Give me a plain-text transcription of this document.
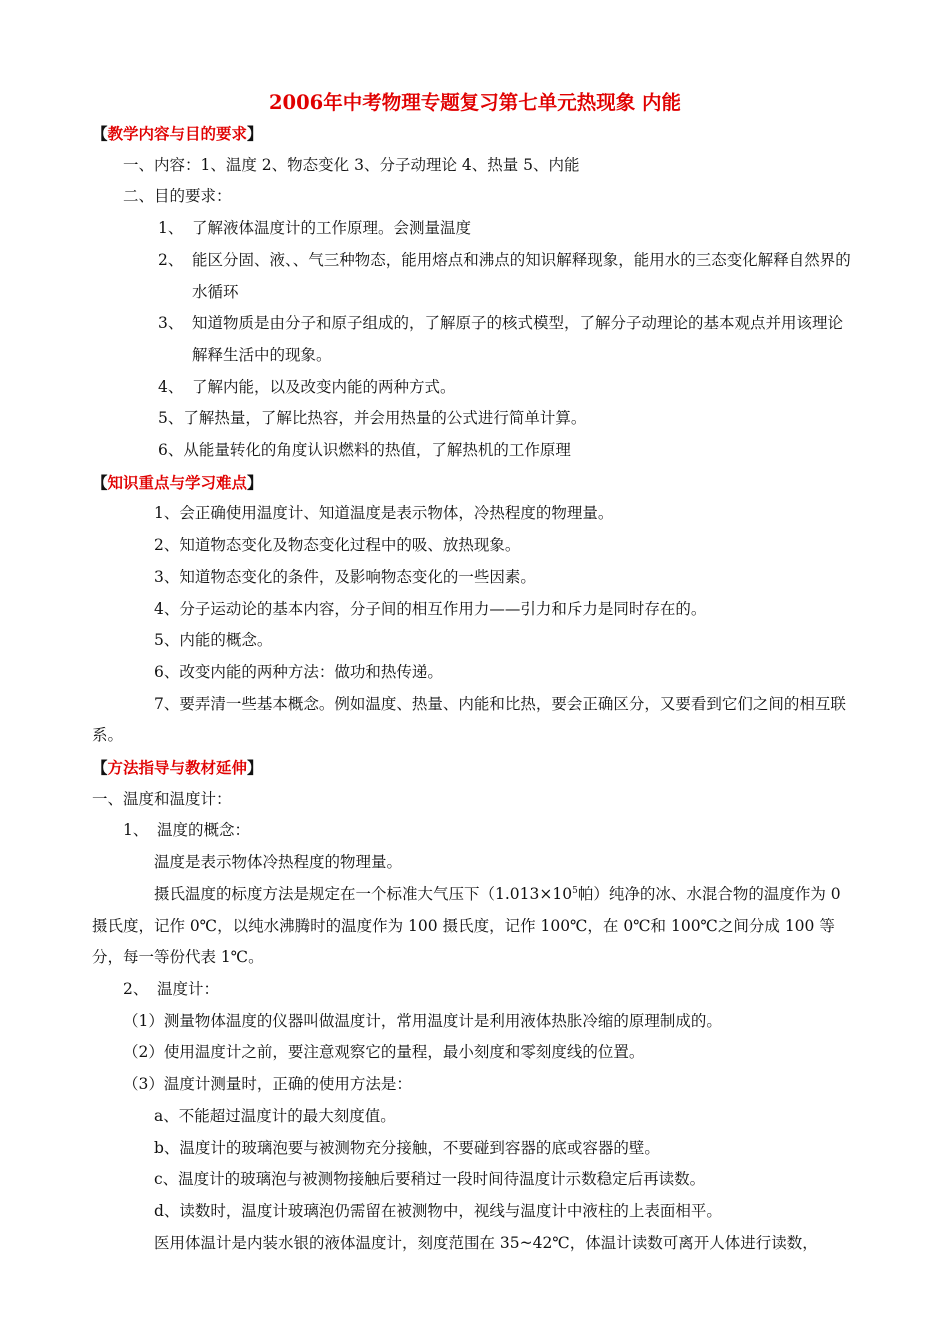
2006年中考物理专题复习第七单元热现象 内能

【教学内容与目的要求】

一、内容：1、温度 2、物态变化 3、分子动理论 4、热量 5、内能

二、目的要求：

1、 了解液体温度计的工作原理。会测量温度
2、 能区分固、液、、气三种物态，能用熔点和沸点的知识解释现象，能用水的三态变化解释自然界的水循环
3、 知道物质是由分子和原子组成的，了解原子的核式模型，了解分子动理论的基本观点并用该理论解释生活中的现象。
4、 了解内能，以及改变内能的两种方式。

5、了解热量，了解比热容，并会用热量的公式进行简单计算。

6、从能量转化的角度认识燃料的热值，了解热机的工作原理

【知识重点与学习难点】

1、会正确使用温度计、知道温度是表示物体，冷热程度的物理量。

2、知道物态变化及物态变化过程中的吸、放热现象。

3、知道物态变化的条件，及影响物态变化的一些因素。

4、分子运动论的基本内容，分子间的相互作用力——引力和斥力是同时存在的。

5、内能的概念。

6、改变内能的两种方法：做功和热传递。

7、要弄清一些基本概念。例如温度、热量、内能和比热，要会正确区分，又要看到它们之间的相互联系。

【方法指导与教材延伸】

一、温度和温度计：

1、 温度的概念：

温度是表示物体冷热程度的物理量。

摄氏温度的标度方法是规定在一个标准大气压下（$1.013\times 10^5$帕）纯净的冰、水混合物的温度作为 0 摄氏度，记作 0℃，以纯水沸腾时的温度作为 100 摄氏度，记作 100℃，在 0℃和 100℃之间分成 100 等分，每一等份代表 1℃。

2、 温度计：

（1）测量物体温度的仪器叫做温度计，常用温度计是利用液体热胀冷缩的原理制成的。

（2）使用温度计之前，要注意观察它的量程，最小刻度和零刻度线的位置。

（3）温度计测量时，正确的使用方法是：

a、不能超过温度计的最大刻度值。

b、温度计的玻璃泡要与被测物充分接触，不要碰到容器的底或容器的壁。

c、温度计的玻璃泡与被测物接触后要稍过一段时间待温度计示数稳定后再读数。

d、读数时，温度计玻璃泡仍需留在被测物中，视线与温度计中液柱的上表面相平。

医用体温计是内装水银的液体温度计，刻度范围在 35~42℃，体温计读数可离开人体进行读数，
